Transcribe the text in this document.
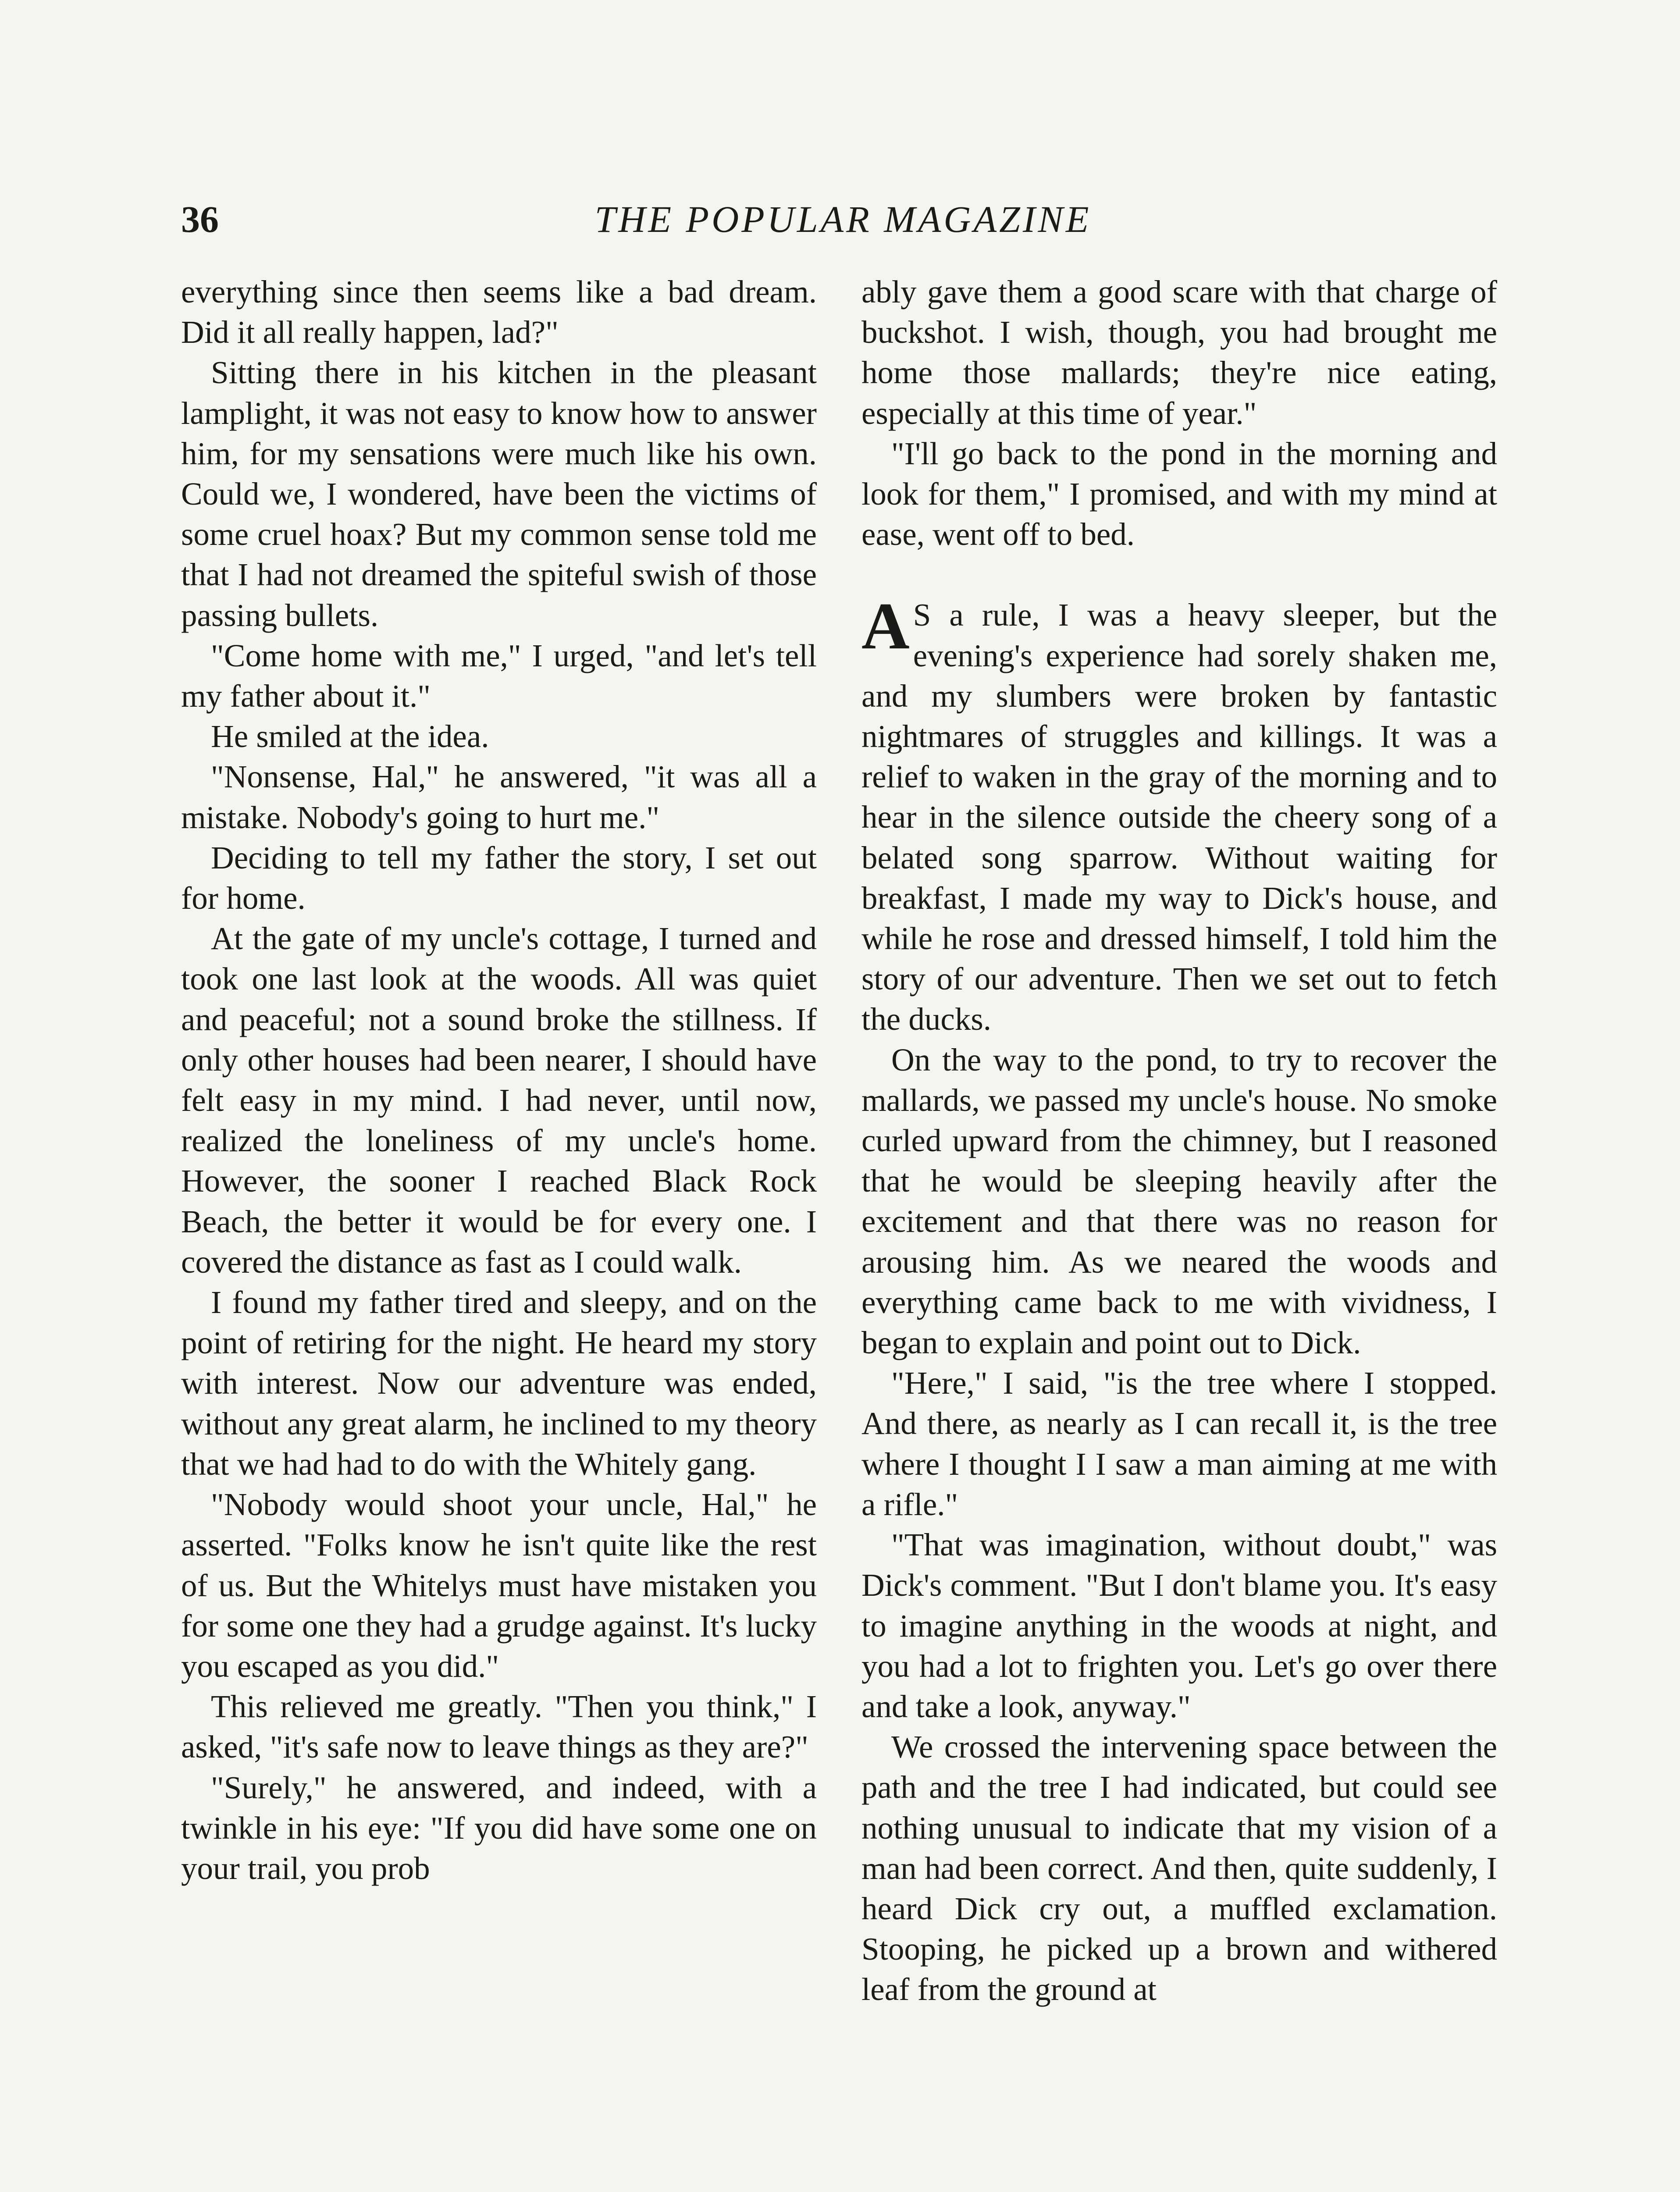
36	THE POPULAR MAGAZINE

everything since then seems like a bad dream. Did it all really happen, lad?"

Sitting there in his kitchen in the pleasant lamplight, it was not easy to know how to answer him, for my sensations were much like his own. Could we, I wondered, have been the victims of some cruel hoax? But my common sense told me that I had not dreamed the spiteful swish of those passing bullets.

"Come home with me," I urged, "and let's tell my father about it."

He smiled at the idea.

"Nonsense, Hal," he answered, "it was all a mistake. Nobody's going to hurt me."

Deciding to tell my father the story, I set out for home.

At the gate of my uncle's cottage, I turned and took one last look at the woods. All was quiet and peaceful; not a sound broke the stillness. If only other houses had been nearer, I should have felt easy in my mind. I had never, until now, realized the loneliness of my uncle's home. However, the sooner I reached Black Rock Beach, the better it would be for every one. I covered the distance as fast as I could walk.

I found my father tired and sleepy, and on the point of retiring for the night. He heard my story with interest. Now our adventure was ended, without any great alarm, he inclined to my theory that we had had to do with the Whitely gang.

"Nobody would shoot your uncle, Hal," he asserted. "Folks know he isn't quite like the rest of us. But the Whitelys must have mistaken you for some one they had a grudge against. It's lucky you escaped as you did."

This relieved me greatly. "Then you think," I asked, "it's safe now to leave things as they are?"

"Surely," he answered, and indeed, with a twinkle in his eye: "If you did have some one on your trail, you prob

ably gave them a good scare with that charge of buckshot. I wish, though, you had brought me home those mallards; they're nice eating, especially at this time of year."

"I'll go back to the pond in the morning and look for them," I promised, and with my mind at ease, went off to bed.

A S a rule, I was a heavy sleeper, but the evening's experience had sorely shaken me, and my slumbers were broken by fantastic nightmares of struggles and killings. It was a relief to waken in the gray of the morning and to hear in the silence outside the cheery song of a belated song sparrow. Without waiting for breakfast, I made my way to Dick's house, and while he rose and dressed himself, I told him the story of our adventure. Then we set out to fetch the ducks.

On the way to the pond, to try to recover the mallards, we passed my uncle's house. No smoke curled upward from the chimney, but I reasoned that he would be sleeping heavily after the excitement and that there was no reason for arousing him. As we neared the woods and everything came back to me with vividness, I began to explain and point out to Dick.

"Here," I said, "is the tree where I stopped. And there, as nearly as I can recall it, is the tree where I thought I I saw a man aiming at me with a rifle."

"That was imagination, without doubt," was Dick's comment. "But I don't blame you. It's easy to imagine anything in the woods at night, and you had a lot to frighten you. Let's go over there and take a look, anyway."

We crossed the intervening space between the path and the tree I had indicated, but could see nothing unusual to indicate that my vision of a man had been correct. And then, quite suddenly, I heard Dick cry out, a muffled exclamation. Stooping, he picked up a brown and withered leaf from the ground at
